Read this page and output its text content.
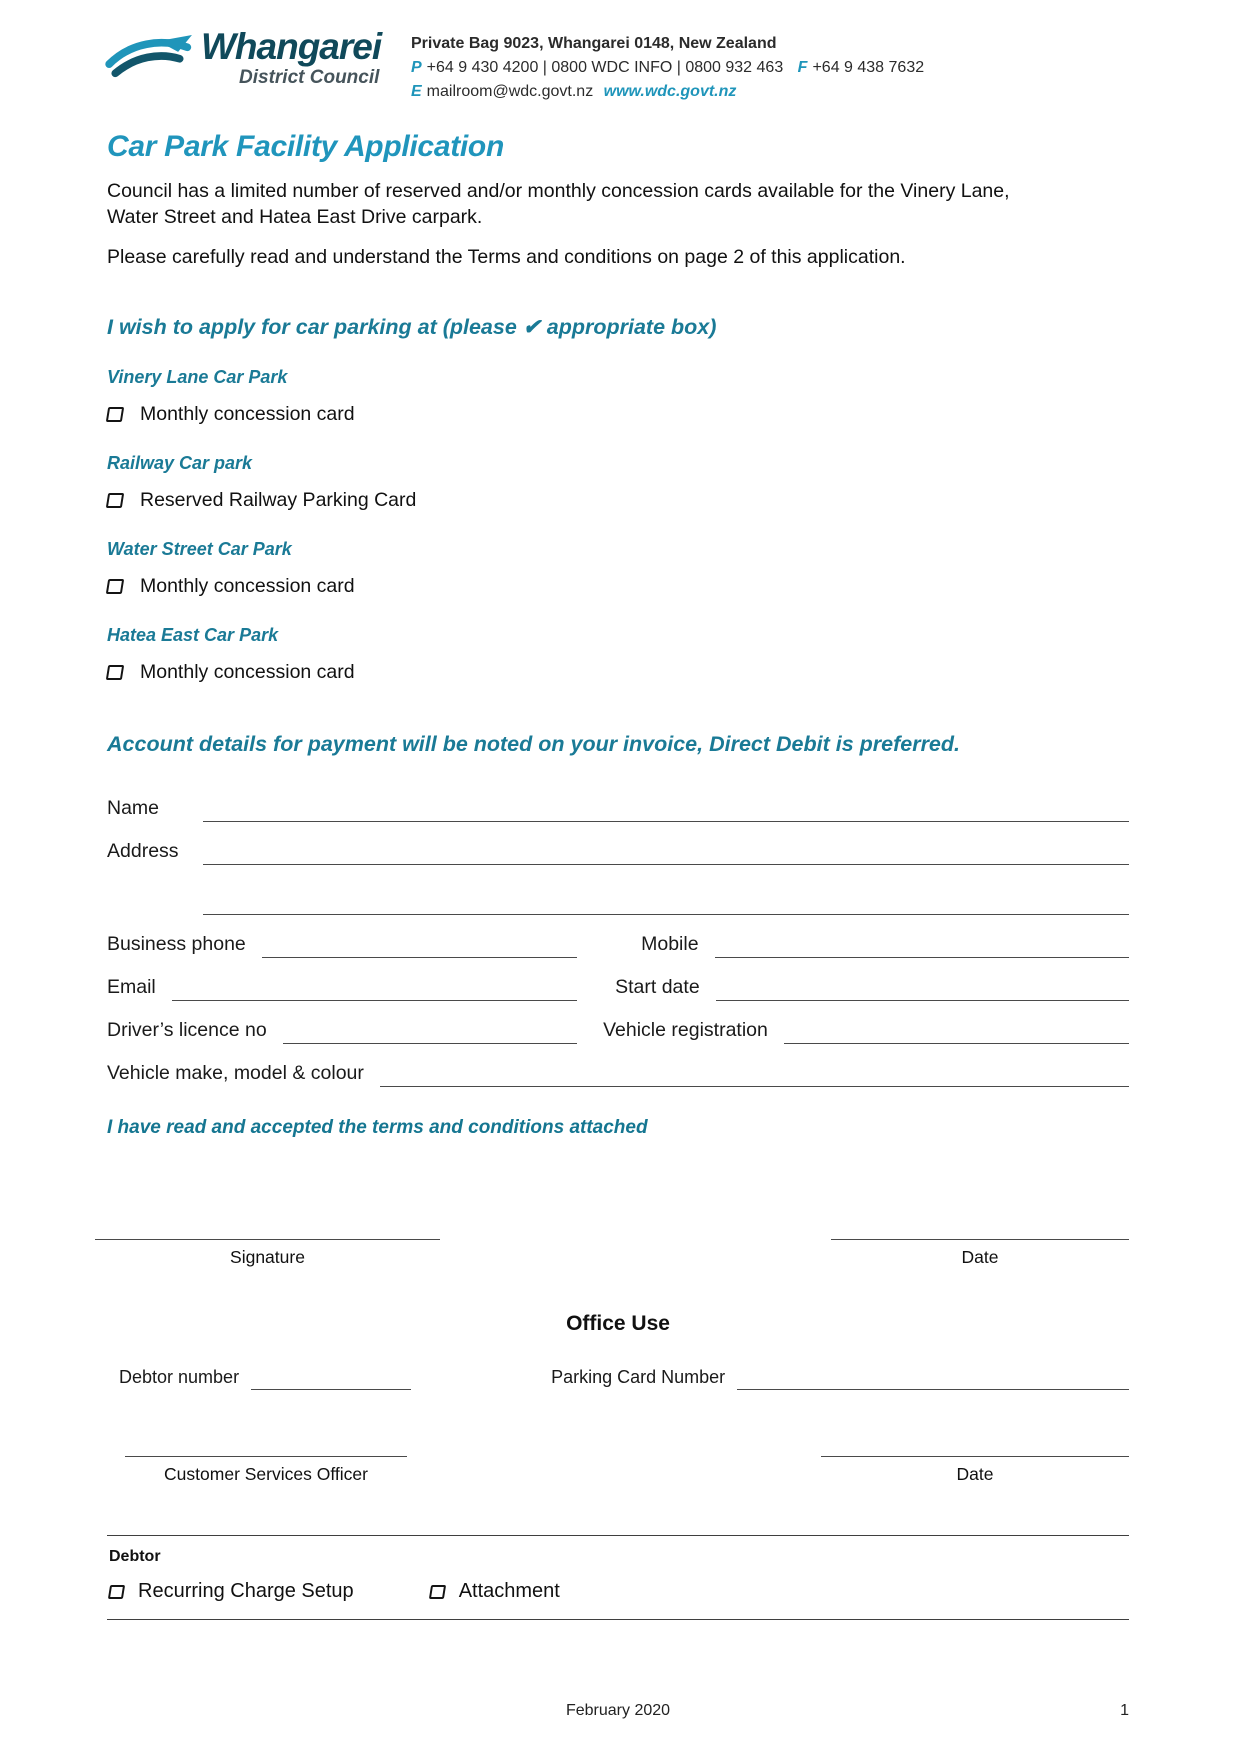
Whangarei
District Council
Private Bag 9023, Whangarei 0148, New Zealand
P +64 9 430 4200 | 0800 WDC INFO | 0800 932 463 F +64 9 438 7632
E mailroom@wdc.govt.nz www.wdc.govt.nz
Car Park Facility Application

Council has a limited number of reserved and/or monthly concession cards available for the Vinery Lane, Water Street and Hatea East Drive carpark.

Please carefully read and understand the Terms and conditions on page 2 of this application.

I wish to apply for car parking at (please ✔ appropriate box)
Vinery Lane Car Park
Monthly concession card
Railway Car park
Reserved Railway Parking Card
Water Street Car Park
Monthly concession card
Hatea East Car Park
Monthly concession card
Account details for payment will be noted on your invoice, Direct Debit is preferred.
Name
Address
Business phone	Mobile
Email	Start date
Driver’s licence no	Vehicle registration
Vehicle make, model & colour
I have read and accepted the terms and conditions attached
Signature	Date
Office Use
Debtor number	Parking Card Number
Customer Services Officer	Date
Debtor
Recurring Charge Setup	Attachment
February 2020	1
